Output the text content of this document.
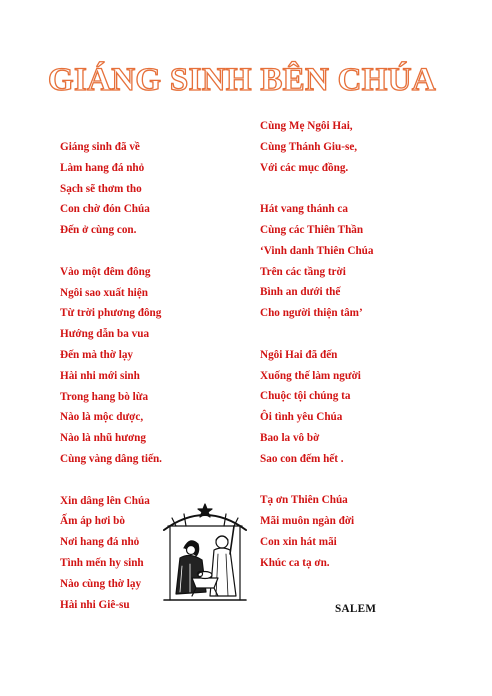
GIÁNG SINH BÊN CHÚA
Giáng sinh đã về
Làm hang đá nhỏ
Sạch sẽ thơm tho
Con chờ đón Chúa
Đến ở cùng con.
Vào một đêm đông
Ngôi sao xuất hiện
Từ trời phương đông
Hướng dẫn ba vua
Đến mà thờ lạy
Hài nhi mới sinh
Trong hang bò lừa
Nào là mộc dược,
Nào là nhũ hương
Cùng vàng dâng tiến.
Xin dâng lên Chúa
Ấm áp hơi bò
Nơi hang đá nhỏ
Tình mến hy sinh
Nào cùng thờ lạy
Hài nhi Giê-su
Cùng Mẹ Ngôi Hai,
Cùng Thánh Giu-se,
Với các mục đồng.
Hát vang thánh ca
Cùng các Thiên Thần
‘Vinh danh Thiên Chúa
Trên các tầng trời
Bình an dưới thế
Cho người thiện tâm’
Ngôi Hai đã đến
Xuống thế làm người
Chuộc tội chúng ta
Ôi tình yêu Chúa
Bao la vô bờ
Sao con đếm hết .
Tạ ơn Thiên Chúa
Mãi muôn ngàn đời
Con xin hát mãi
Khúc ca tạ ơn.
SALEM
